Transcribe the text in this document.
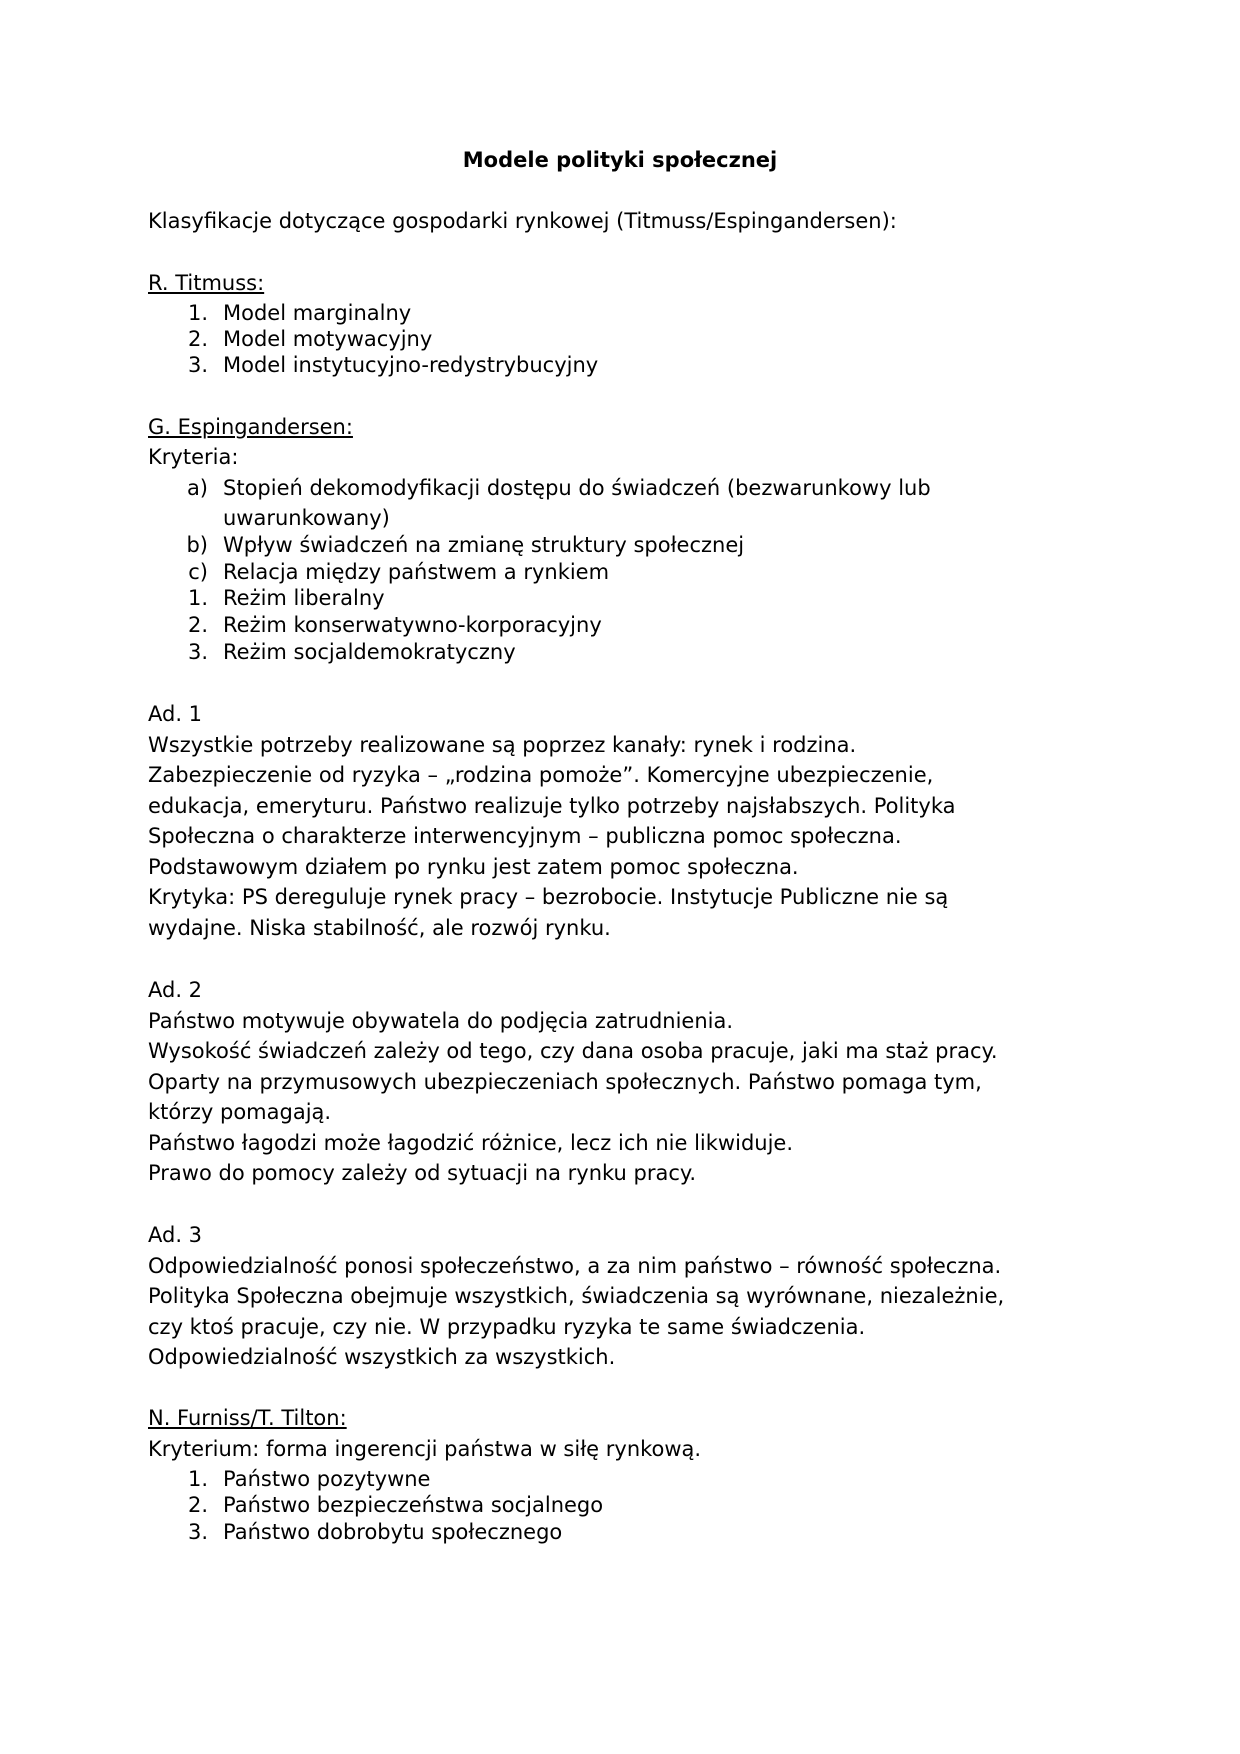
Modele polityki społecznej
Klasyfikacje dotyczące gospodarki rynkowej (Titmuss/Espingandersen):
R. Titmuss:
1. Model marginalny
2. Model motywacyjny
3. Model instytucyjno-redystrybucyjny
G. Espingandersen:
Kryteria:
a) Stopień dekomodyfikacji dostępu do świadczeń (bezwarunkowy lub
uwarunkowany)
b) Wpływ świadczeń na zmianę struktury społecznej
c) Relacja między państwem a rynkiem
1. Reżim liberalny
2. Reżim konserwatywno-korporacyjny
3. Reżim socjaldemokratyczny
Ad. 1
Wszystkie potrzeby realizowane są poprzez kanały: rynek i rodzina.
Zabezpieczenie od ryzyka – „rodzina pomoże”. Komercyjne ubezpieczenie,
edukacja, emeryturu. Państwo realizuje tylko potrzeby najsłabszych. Polityka
Społeczna o charakterze interwencyjnym – publiczna pomoc społeczna.
Podstawowym działem po rynku jest zatem pomoc społeczna.
Krytyka: PS dereguluje rynek pracy – bezrobocie. Instytucje Publiczne nie są
wydajne. Niska stabilność, ale rozwój rynku.
Ad. 2
Państwo motywuje obywatela do podjęcia zatrudnienia.
Wysokość świadczeń zależy od tego, czy dana osoba pracuje, jaki ma staż pracy.
Oparty na przymusowych ubezpieczeniach społecznych. Państwo pomaga tym,
którzy pomagają.
Państwo łagodzi może łagodzić różnice, lecz ich nie likwiduje.
Prawo do pomocy zależy od sytuacji na rynku pracy.
Ad. 3
Odpowiedzialność ponosi społeczeństwo, a za nim państwo – równość społeczna.
Polityka Społeczna obejmuje wszystkich, świadczenia są wyrównane, niezależnie,
czy ktoś pracuje, czy nie. W przypadku ryzyka te same świadczenia.
Odpowiedzialność wszystkich za wszystkich.
N. Furniss/T. Tilton:
Kryterium: forma ingerencji państwa w siłę rynkową.
1. Państwo pozytywne
2. Państwo bezpieczeństwa socjalnego
3. Państwo dobrobytu społecznego
